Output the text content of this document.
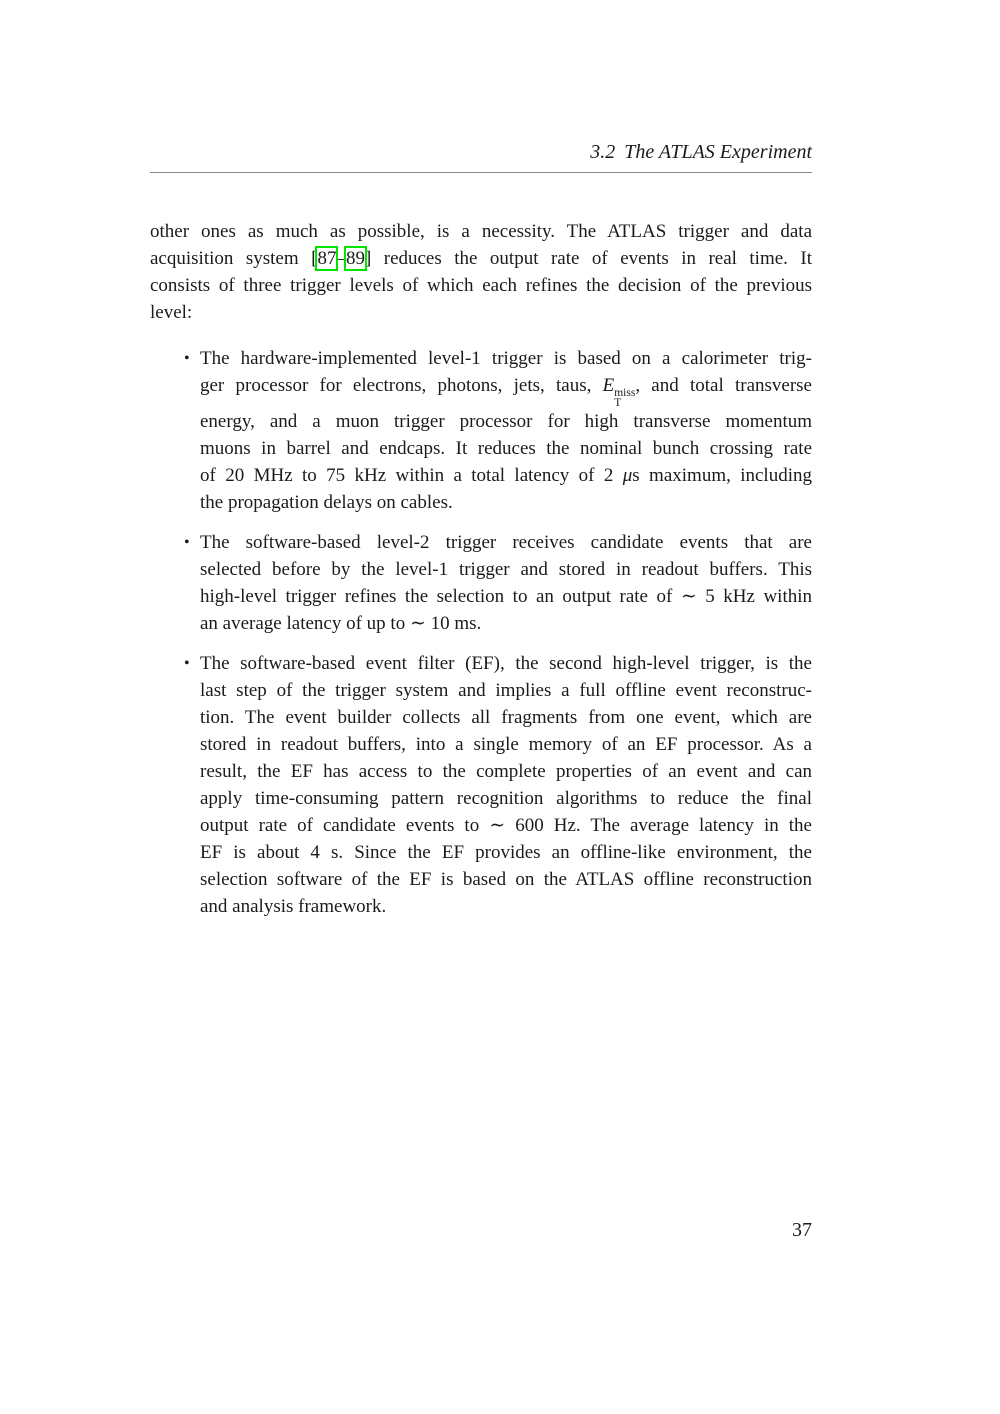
3.2 The ATLAS Experiment
other ones as much as possible, is a necessity. The ATLAS trigger and data
acquisition system [87–89] reduces the output rate of events in real time. It
consists of three trigger levels of which each refines the decision of the previous
level:
• The hardware-implemented level-1 trigger is based on a calorimeter trig-
ger processor for electrons, photons, jets, taus, E miss
T
, and total transverse
energy, and a muon trigger processor for high transverse momentum
muons in barrel and endcaps. It reduces the nominal bunch crossing rate
of 20 MHz to 75 kHz within a total latency of 2 μs maximum, including
the propagation delays on cables.
• The software-based level-2 trigger receives candidate events that are
selected before by the level-1 trigger and stored in readout buffers. This
high-level trigger refines the selection to an output rate of ∼ 5 kHz within
an average latency of up to ∼ 10 ms.
• The software-based event filter (EF), the second high-level trigger, is the
last step of the trigger system and implies a full offline event reconstruc-
tion. The event builder collects all fragments from one event, which are
stored in readout buffers, into a single memory of an EF processor. As a
result, the EF has access to the complete properties of an event and can
apply time-consuming pattern recognition algorithms to reduce the final
output rate of candidate events to ∼ 600 Hz. The average latency in the
EF is about 4 s. Since the EF provides an offline-like environment, the
selection software of the EF is based on the ATLAS offline reconstruction
and analysis framework.
37
